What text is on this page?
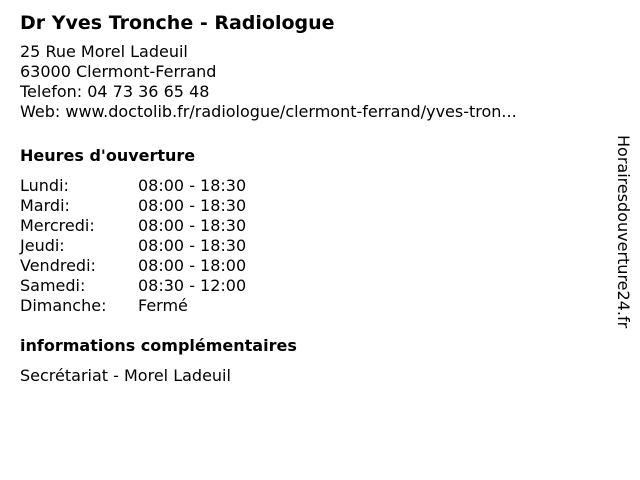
Dr Yves Tronche - Radiologue
25 Rue Morel Ladeuil
63000 Clermont-Ferrand
Telefon: 04 73 36 65 48
Web: www.doctolib.fr/radiologue/clermont-ferrand/yves-tron...
Heures d'ouverture
Lundi:	08:00 - 18:30
Mardi:	08:00 - 18:30
Mercredi:	08:00 - 18:30
Jeudi:	08:00 - 18:30
Vendredi:	08:00 - 18:00
Samedi:	08:30 - 12:00
Dimanche:	Fermé
informations complémentaires
Secrétariat - Morel Ladeuil
Horairesdouverture24.fr
